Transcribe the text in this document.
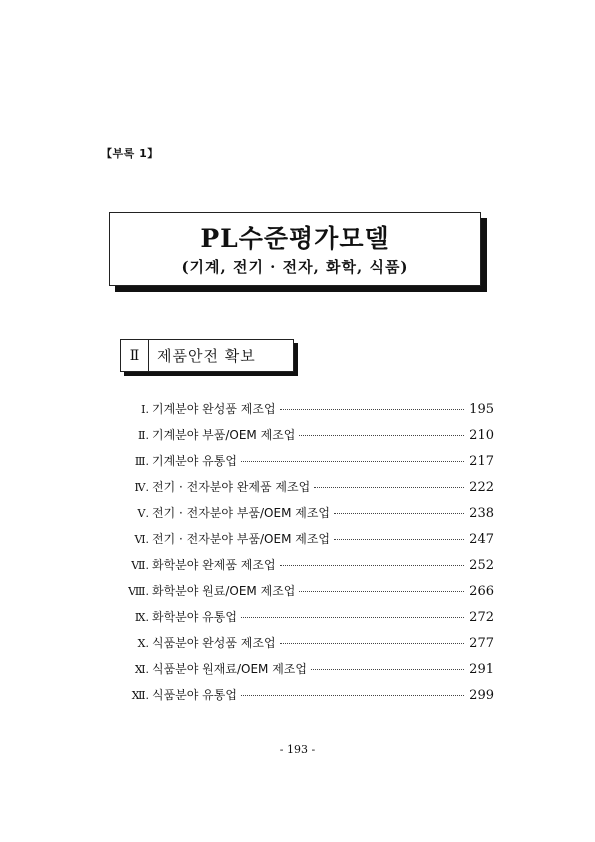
【부록 1】
PL수준평가모델
(기계, 전기 · 전자, 화학, 식품)
Ⅱ	제품안전 확보
Ⅰ. 기계분야 완성품 제조업	195
Ⅱ. 기계분야 부품/OEM 제조업	210
Ⅲ. 기계분야 유통업	217
Ⅳ. 전기 · 전자분야 완제품 제조업	222
Ⅴ. 전기 · 전자분야 부품/OEM 제조업	238
Ⅵ. 전기 · 전자분야 부품/OEM 제조업	247
Ⅶ. 화학분야 완제품 제조업	252
Ⅷ. 화학분야 원료/OEM 제조업	266
Ⅸ. 화학분야 유통업	272
Ⅹ. 식품분야 완성품 제조업	277
Ⅺ. 식품분야 원재료/OEM 제조업	291
Ⅻ. 식품분야 유통업	299
- 193 -
